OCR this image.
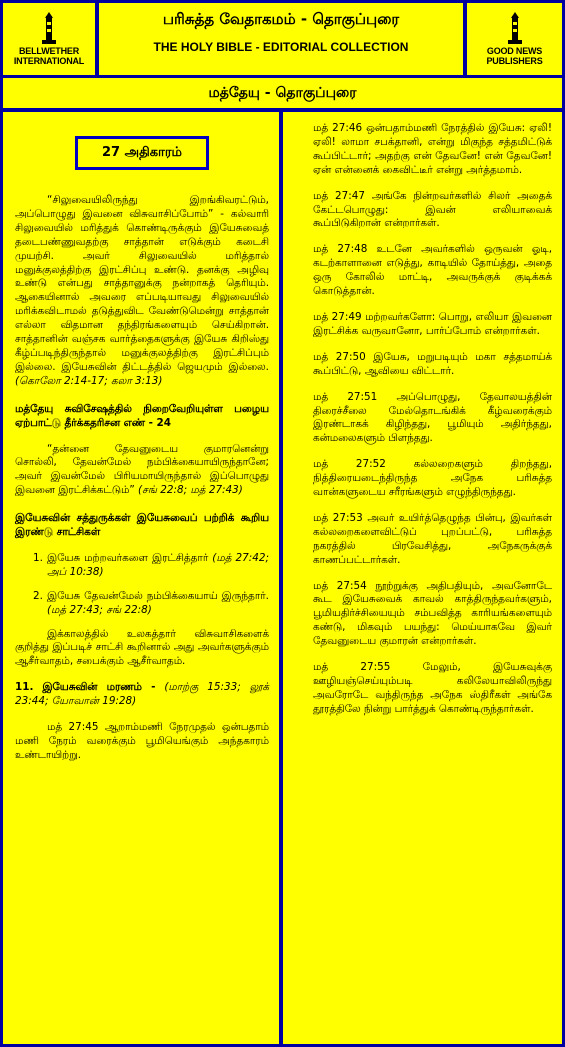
BELLWETHER
INTERNATIONAL
பரிசுத்த வேதாகமம் - தொகுப்புரை
THE HOLY BIBLE - EDITORIAL COLLECTION	GOOD NEWS
PUBLISHERS
மத்தேயு - தொகுப்புரை
27 அதிகாரம்

“சிலுவையிலிருந்து இறங்கிவரட்டும், அப்பொழுது இவனை விசுவாசிப்போம்” - கல்வாரி சிலுவையில் மரித்துக் கொண்டிருக்கும் இயேசுவைத் தடைபண்ணுவதற்கு சாத்தான் எடுக்கும் கடைசி முயற்சி. அவர் சிலுவையில் மரித்தால் மனுக்குலத்திற்கு இரட்சிப்பு உண்டு. தனக்கு அழிவு உண்டு என்பது சாத்தானுக்கு நன்றாகத் தெரியும். ஆகையினால் அவரை எப்படியாவது சிலுவையில் மரிக்கவிடாமல் தடுத்துவிட வேண்டுமென்று சாத்தான் எல்லா விதமான தந்திரங்களையும் செய்கிறான். சாத்தானின் வஞ்சக வார்த்தைகளுக்கு இயேசு கிறிஸ்து கீழ்ப்படிந்திருந்தால் மனுக்குலத்திற்கு இரட்சிப்பும் இல்லை. இயேசுவின் திட்டத்தில் ஜெயமும் இல்லை. (கொலோ 2:14-17; கலா 3:13)

மத்தேயு சுவிசேஷத்தில் நிறைவேறியுள்ள பழைய ஏற்பாட்டு தீர்க்கதரிசன எண் - 24

“தன்னை தேவனுடைய குமாரனென்று சொல்லி, தேவன்மேல் நம்பிக்கையாயிருந்தானே; அவர் இவன்மேல் பிரியமாயிருந்தால் இப்பொழுது இவனை இரட்சிக்கட்டும்” (சங் 22:8; மத் 27:43)

இயேசுவின் சத்துருக்கள் இயேசுவைப் பற்றிக் கூறிய இரண்டு சாட்சிகள்
1. இயேசு மற்றவர்களை இரட்சித்தார் (மத் 27:42; அப் 10:38)
2. இயேசு தேவன்மேல் நம்பிக்கையாய் இருந்தார். (மத் 27:43; சங் 22:8)

இக்காலத்தில் உலகத்தார் விசுவாசிகளைக் குறித்து இப்படிச் சாட்சி கூறினால் அது அவர்களுக்கும் ஆசீர்வாதம், சபைக்கும் ஆசீர்வாதம்.

11. இயேசுவின் மரணம் - (மாற்கு 15:33; லூக் 23:44; யோவான் 19:28)

மத் 27:45 ஆறாம்மணி நேரமுதல் ஒன்பதாம் மணி நேரம் வரைக்கும் பூமியெங்கும் அந்தகாரம் உண்டாயிற்று.

மத் 27:46 ஒன்பதாம்மணி நேரத்தில் இயேசு: ஏலி! ஏலி! லாமா சபக்தானி, என்று மிகுந்த சத்தமிட்டுக் கூப்பிட்டார்; அதற்கு என் தேவனே! என் தேவனே! ஏன் என்னைக் கைவிட்டீர் என்று அர்த்தமாம்.

மத் 27:47 அங்கே நின்றவர்களில் சிலர் அதைக் கேட்டபொழுது: இவன் எலியாவைக் கூப்பிடுகிறான் என்றார்கள்.

மத் 27:48 உடனே அவர்களில் ஒருவன் ஓடி, கடற்காளானை எடுத்து, காடியில் தோய்த்து, அதை ஒரு கோலில் மாட்டி, அவருக்குக் குடிக்கக் கொடுத்தான்.

மத் 27:49 மற்றவர்களோ: பொறு, எலியா இவனை இரட்சிக்க வருவானோ, பார்ப்போம் என்றார்கள்.

மத் 27:50 இயேசு, மறுபடியும் மகா சத்தமாய்க் கூப்பிட்டு, ஆவியை விட்டார்.

மத் 27:51 அப்பொழுது, தேவாலயத்தின் திரைச்சீலை மேல்தொடங்கிக் கீழ்வரைக்கும் இரண்டாகக் கிழிந்தது, பூமியும் அதிர்ந்தது, கன்மலைகளும் பிளந்தது.

மத் 27:52 கல்லறைகளும் திறந்தது, நித்திரையடைந்திருந்த அநேக பரிசுத்த வான்களுடைய சரீரங்களும் எழுந்திருந்தது.

மத் 27:53 அவர் உயிர்த்தெழுந்த பின்பு, இவர்கள் கல்லறைகளைவிட்டுப் புறப்பட்டு, பரிசுத்த நகரத்தில் பிரவேசித்து, அநேகருக்குக் காணப்பட்டார்கள்.

மத் 27:54 நூற்றுக்கு அதிபதியும், அவனோடே கூட இயேசுவைக் காவல் காத்திருந்தவர்களும், பூமியதிர்ச்சியையும் சம்பவித்த காரியங்களையும் கண்டு, மிகவும் பயந்து: மெய்யாகவே இவர் தேவனுடைய குமாரன் என்றார்கள்.

மத் 27:55 மேலும், இயேசுவுக்கு ஊழியஞ்செய்யும்படி கலிலேயாவிலிருந்து அவரோடே வந்திருந்த அநேக ஸ்திரீகள் அங்கே தூரத்திலே நின்று பார்த்துக் கொண்டிருந்தார்கள்.
